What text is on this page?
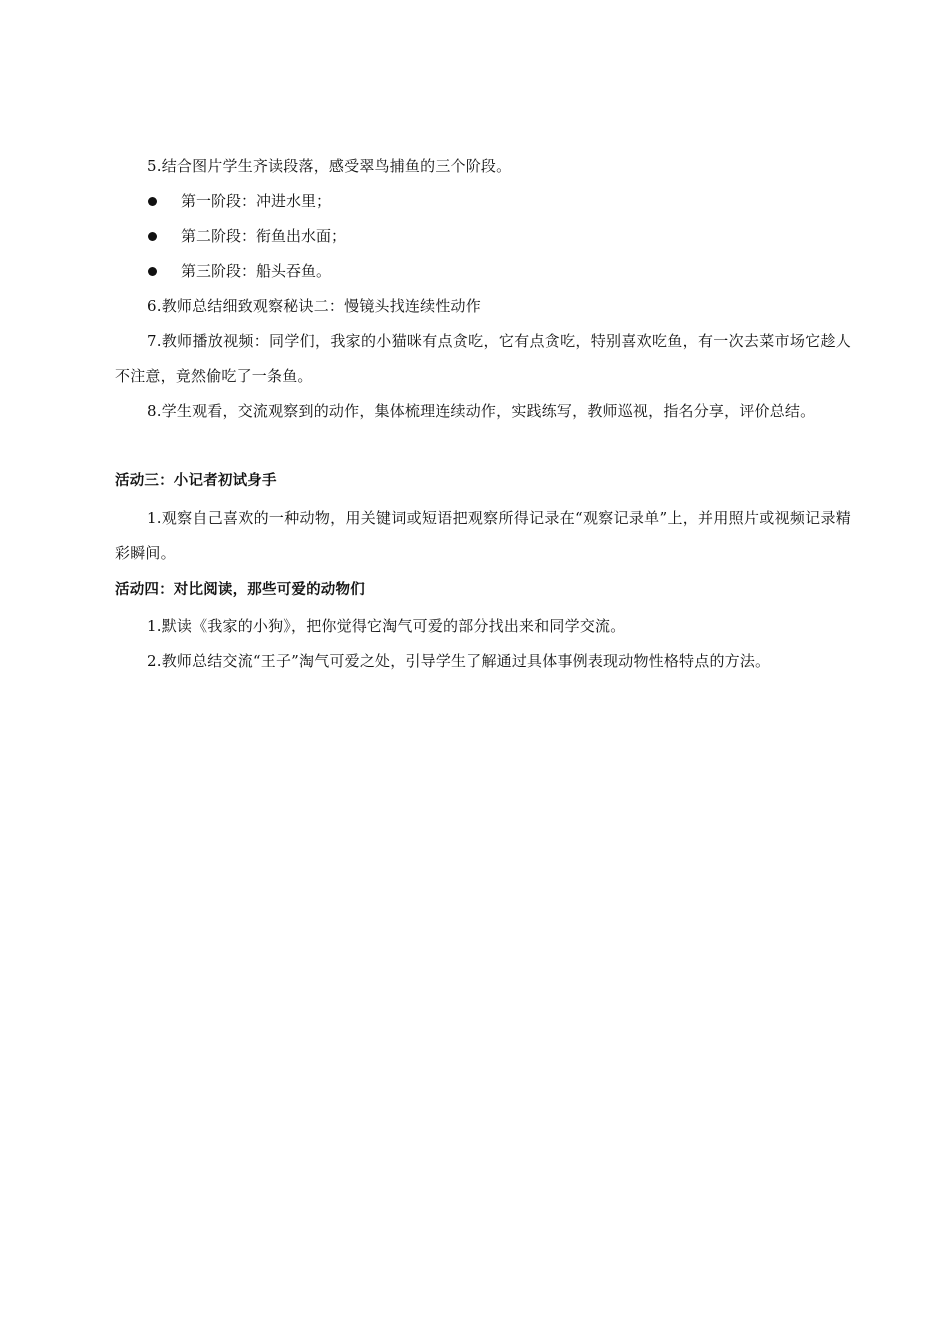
5.结合图片学生齐读段落，感受翠鸟捕鱼的三个阶段。
第一阶段：冲进水里；
第二阶段：衔鱼出水面；
第三阶段：船头吞鱼。
6.教师总结细致观察秘诀二：慢镜头找连续性动作
7.教师播放视频：同学们，我家的小猫咪有点贪吃，它有点贪吃，特别喜欢吃鱼，有一次去菜市场它趁人不注意，竟然偷吃了一条鱼。
8.学生观看，交流观察到的动作，集体梳理连续动作，实践练写，教师巡视，指名分享，评价总结。
活动三：小记者初试身手
1.观察自己喜欢的一种动物，用关键词或短语把观察所得记录在“观察记录单”上，并用照片或视频记录精彩瞬间。
活动四：对比阅读，那些可爱的动物们
1.默读《我家的小狗》，把你觉得它淘气可爱的部分找出来和同学交流。
2.教师总结交流“王子”淘气可爱之处，引导学生了解通过具体事例表现动物性格特点的方法。
